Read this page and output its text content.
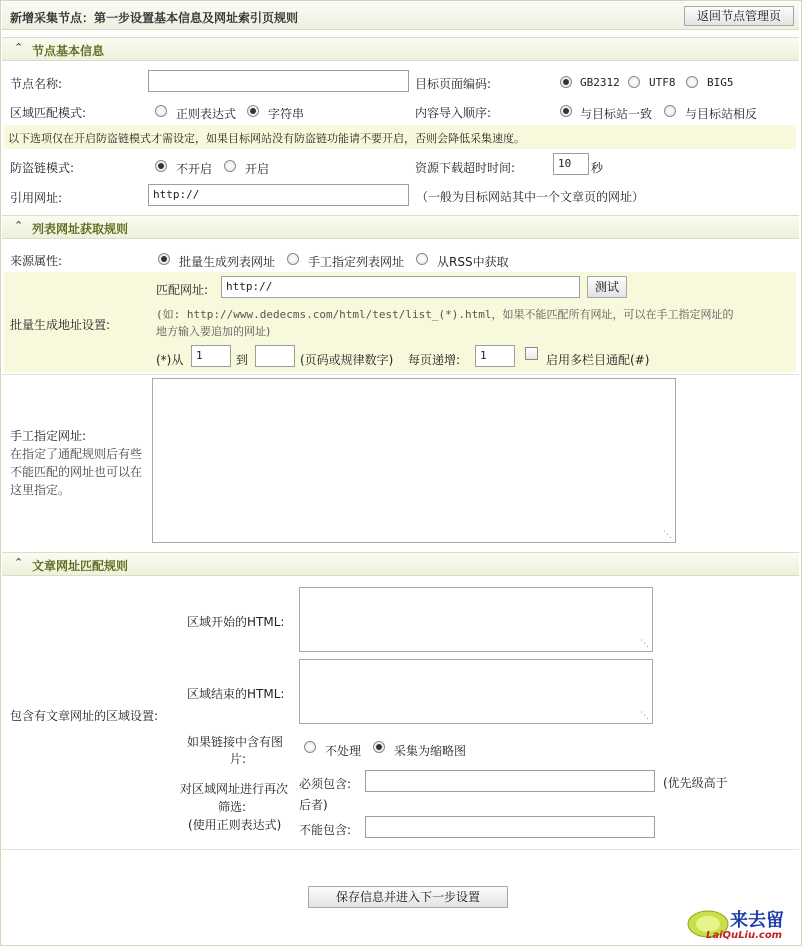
新增采集节点：第一步设置基本信息及网址索引页规则	返回节点管理页
⌃ 节点基本信息
节点名称:	目标页面编码:	GB2312	UTF8	BIG5
区域匹配模式:	正则表达式	字符串	内容导入顺序:	与目标站一致	与目标站相反
以下选项仅在开启防盗链模式才需设定，如果目标网站没有防盗链功能请不要开启，否则会降低采集速度。
防盗链模式:	不开启	开启	资源下载超时时间:	10	秒
引用网址:	http://	（一般为目标网站其中一个文章页的网址）
⌃ 列表网址获取规则
来源属性:	批量生成列表网址	手工指定列表网址	从RSS中获取
批量生成地址设置:
匹配网址:	http://	测试
(如: http://www.dedecms.com/html/test/list_(*).html，如果不能匹配所有网址，可以在手工指定网址的
地方输入要追加的网址)
(*)从	1	到	(页码或规律数字) 每页递增:	1	启用多栏目通配(#)
手工指定网址:
在指定了通配规则后有些
不能匹配的网址也可以在
这里指定。
⋱
⌃ 文章网址匹配规则
包含有文章网址的区域设置:
区域开始的HTML:
⋱
区域结束的HTML:
⋱
如果链接中含有图
片:
不处理	采集为缩略图
对区域网址进行再次
筛选:
(使用正则表达式)
必须包含:	(优先级高于
后者)
不能包含:
保存信息并进入下一步设置
来去留
LaiQuLiu.com
